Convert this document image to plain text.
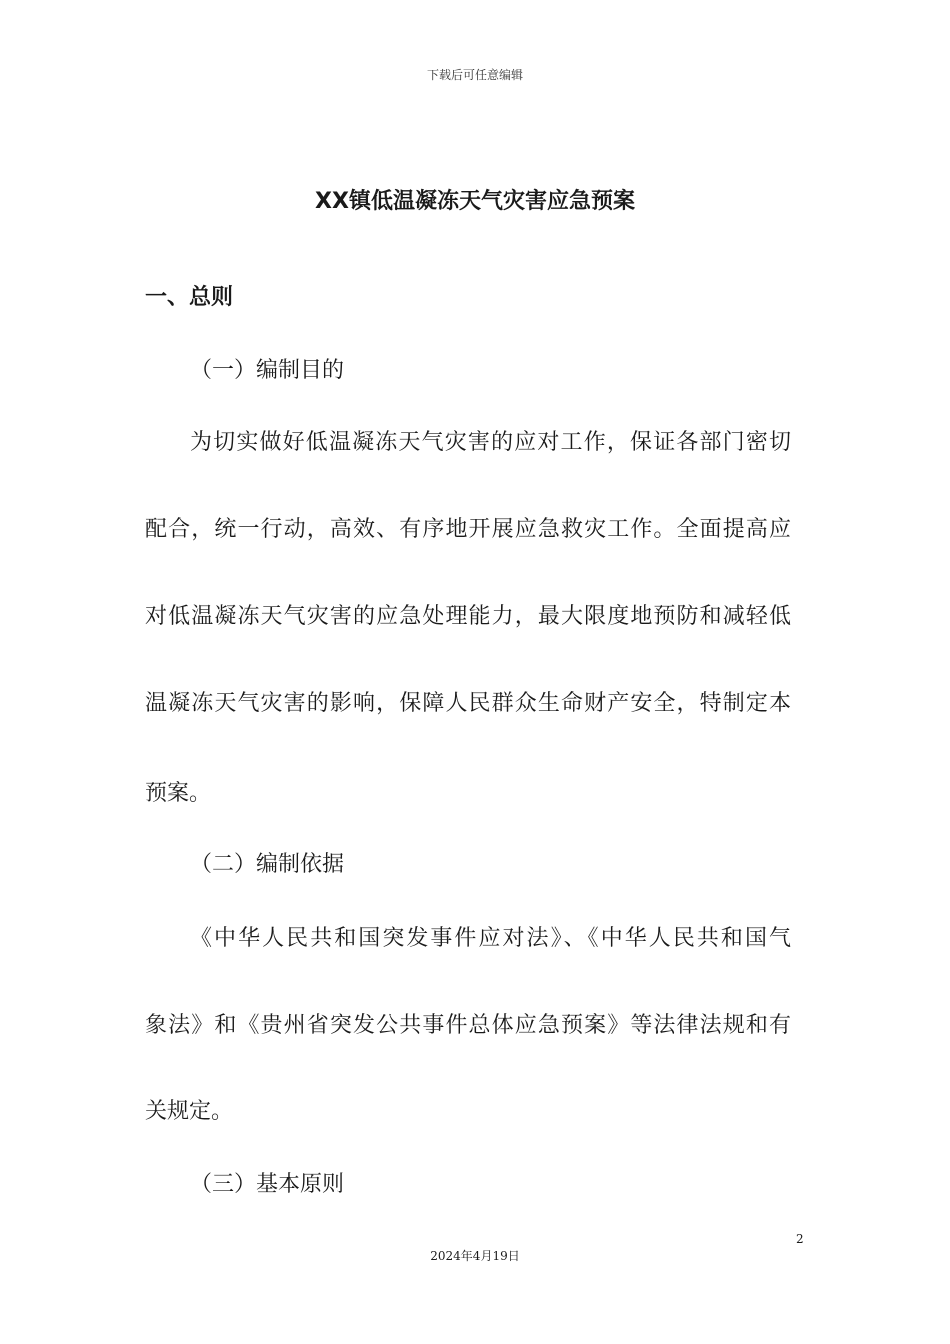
下载后可任意编辑
XX镇低温凝冻天气灾害应急预案
一、总则
（一）编制目的
为切实做好低温凝冻天气灾害的应对工作，保证各部门密切
配合，统一行动，高效、有序地开展应急救灾工作。全面提高应
对低温凝冻天气灾害的应急处理能力，最大限度地预防和减轻低
温凝冻天气灾害的影响，保障人民群众生命财产安全，特制定本
预案。
（二）编制依据
《中华人民共和国突发事件应对法》、《中华人民共和国气
象法》和《贵州省突发公共事件总体应急预案》等法律法规和有
关规定。
（三）基本原则
2
2024年4月19日
